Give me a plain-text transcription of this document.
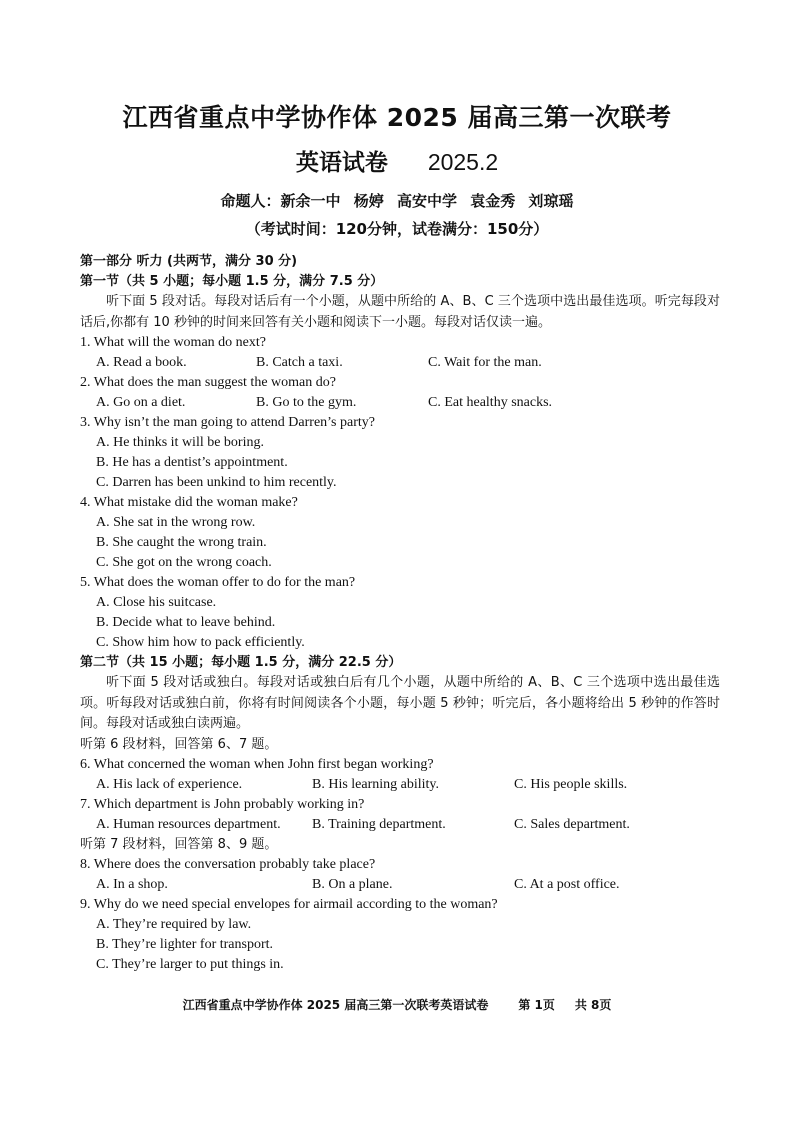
江西省重点中学协作体 2025 届高三第一次联考
英语试卷 2025.2
命题人：新余一中 杨婷 高安中学 袁金秀 刘琼瑶
（考试时间：120分钟，试卷满分：150分）
第一部分 听力 (共两节，满分 30 分)
第一节（共 5 小题；每小题 1.5 分，满分 7.5 分）
听下面 5 段对话。每段对话后有一个小题，从题中所给的 A、B、C 三个选项中选出最佳选项。听完每段对话后,你都有 10 秒钟的时间来回答有关小题和阅读下一小题。每段对话仅读一遍。
1. What will the woman do next?
A. Read a book.	B. Catch a taxi.	C. Wait for the man.
2. What does the man suggest the woman do?
A. Go on a diet.	B. Go to the gym.	C. Eat healthy snacks.
3. Why isn’t the man going to attend Darren’s party?
A. He thinks it will be boring.
B. He has a dentist’s appointment.
C. Darren has been unkind to him recently.
4. What mistake did the woman make?
A. She sat in the wrong row.
B. She caught the wrong train.
C. She got on the wrong coach.
5. What does the woman offer to do for the man?
A. Close his suitcase.
B. Decide what to leave behind.
C. Show him how to pack efficiently.
第二节（共 15 小题；每小题 1.5 分，满分 22.5 分）
听下面 5 段对话或独白。每段对话或独白后有几个小题，从题中所给的 A、B、C 三个选项中选出最佳选项。听每段对话或独白前，你将有时间阅读各个小题，每小题 5 秒钟；听完后，各小题将给出 5 秒钟的作答时间。每段对话或独白读两遍。
听第 6 段材料，回答第 6、7 题。
6. What concerned the woman when John first began working?
A. His lack of experience.	B. His learning ability.	C. His people skills.
7. Which department is John probably working in?
A. Human resources department. B. Training department.	C. Sales department.
听第 7 段材料，回答第 8、9 题。
8. Where does the conversation probably take place?
A. In a shop.	B. On a plane.	C. At a post office.
9. Why do we need special envelopes for airmail according to the woman?
A. They’re required by law.
B. They’re lighter for transport.
C. They’re larger to put things in.
江西省重点中学协作体 2025 届高三第一次联考英语试卷	第 1页 共 8页
